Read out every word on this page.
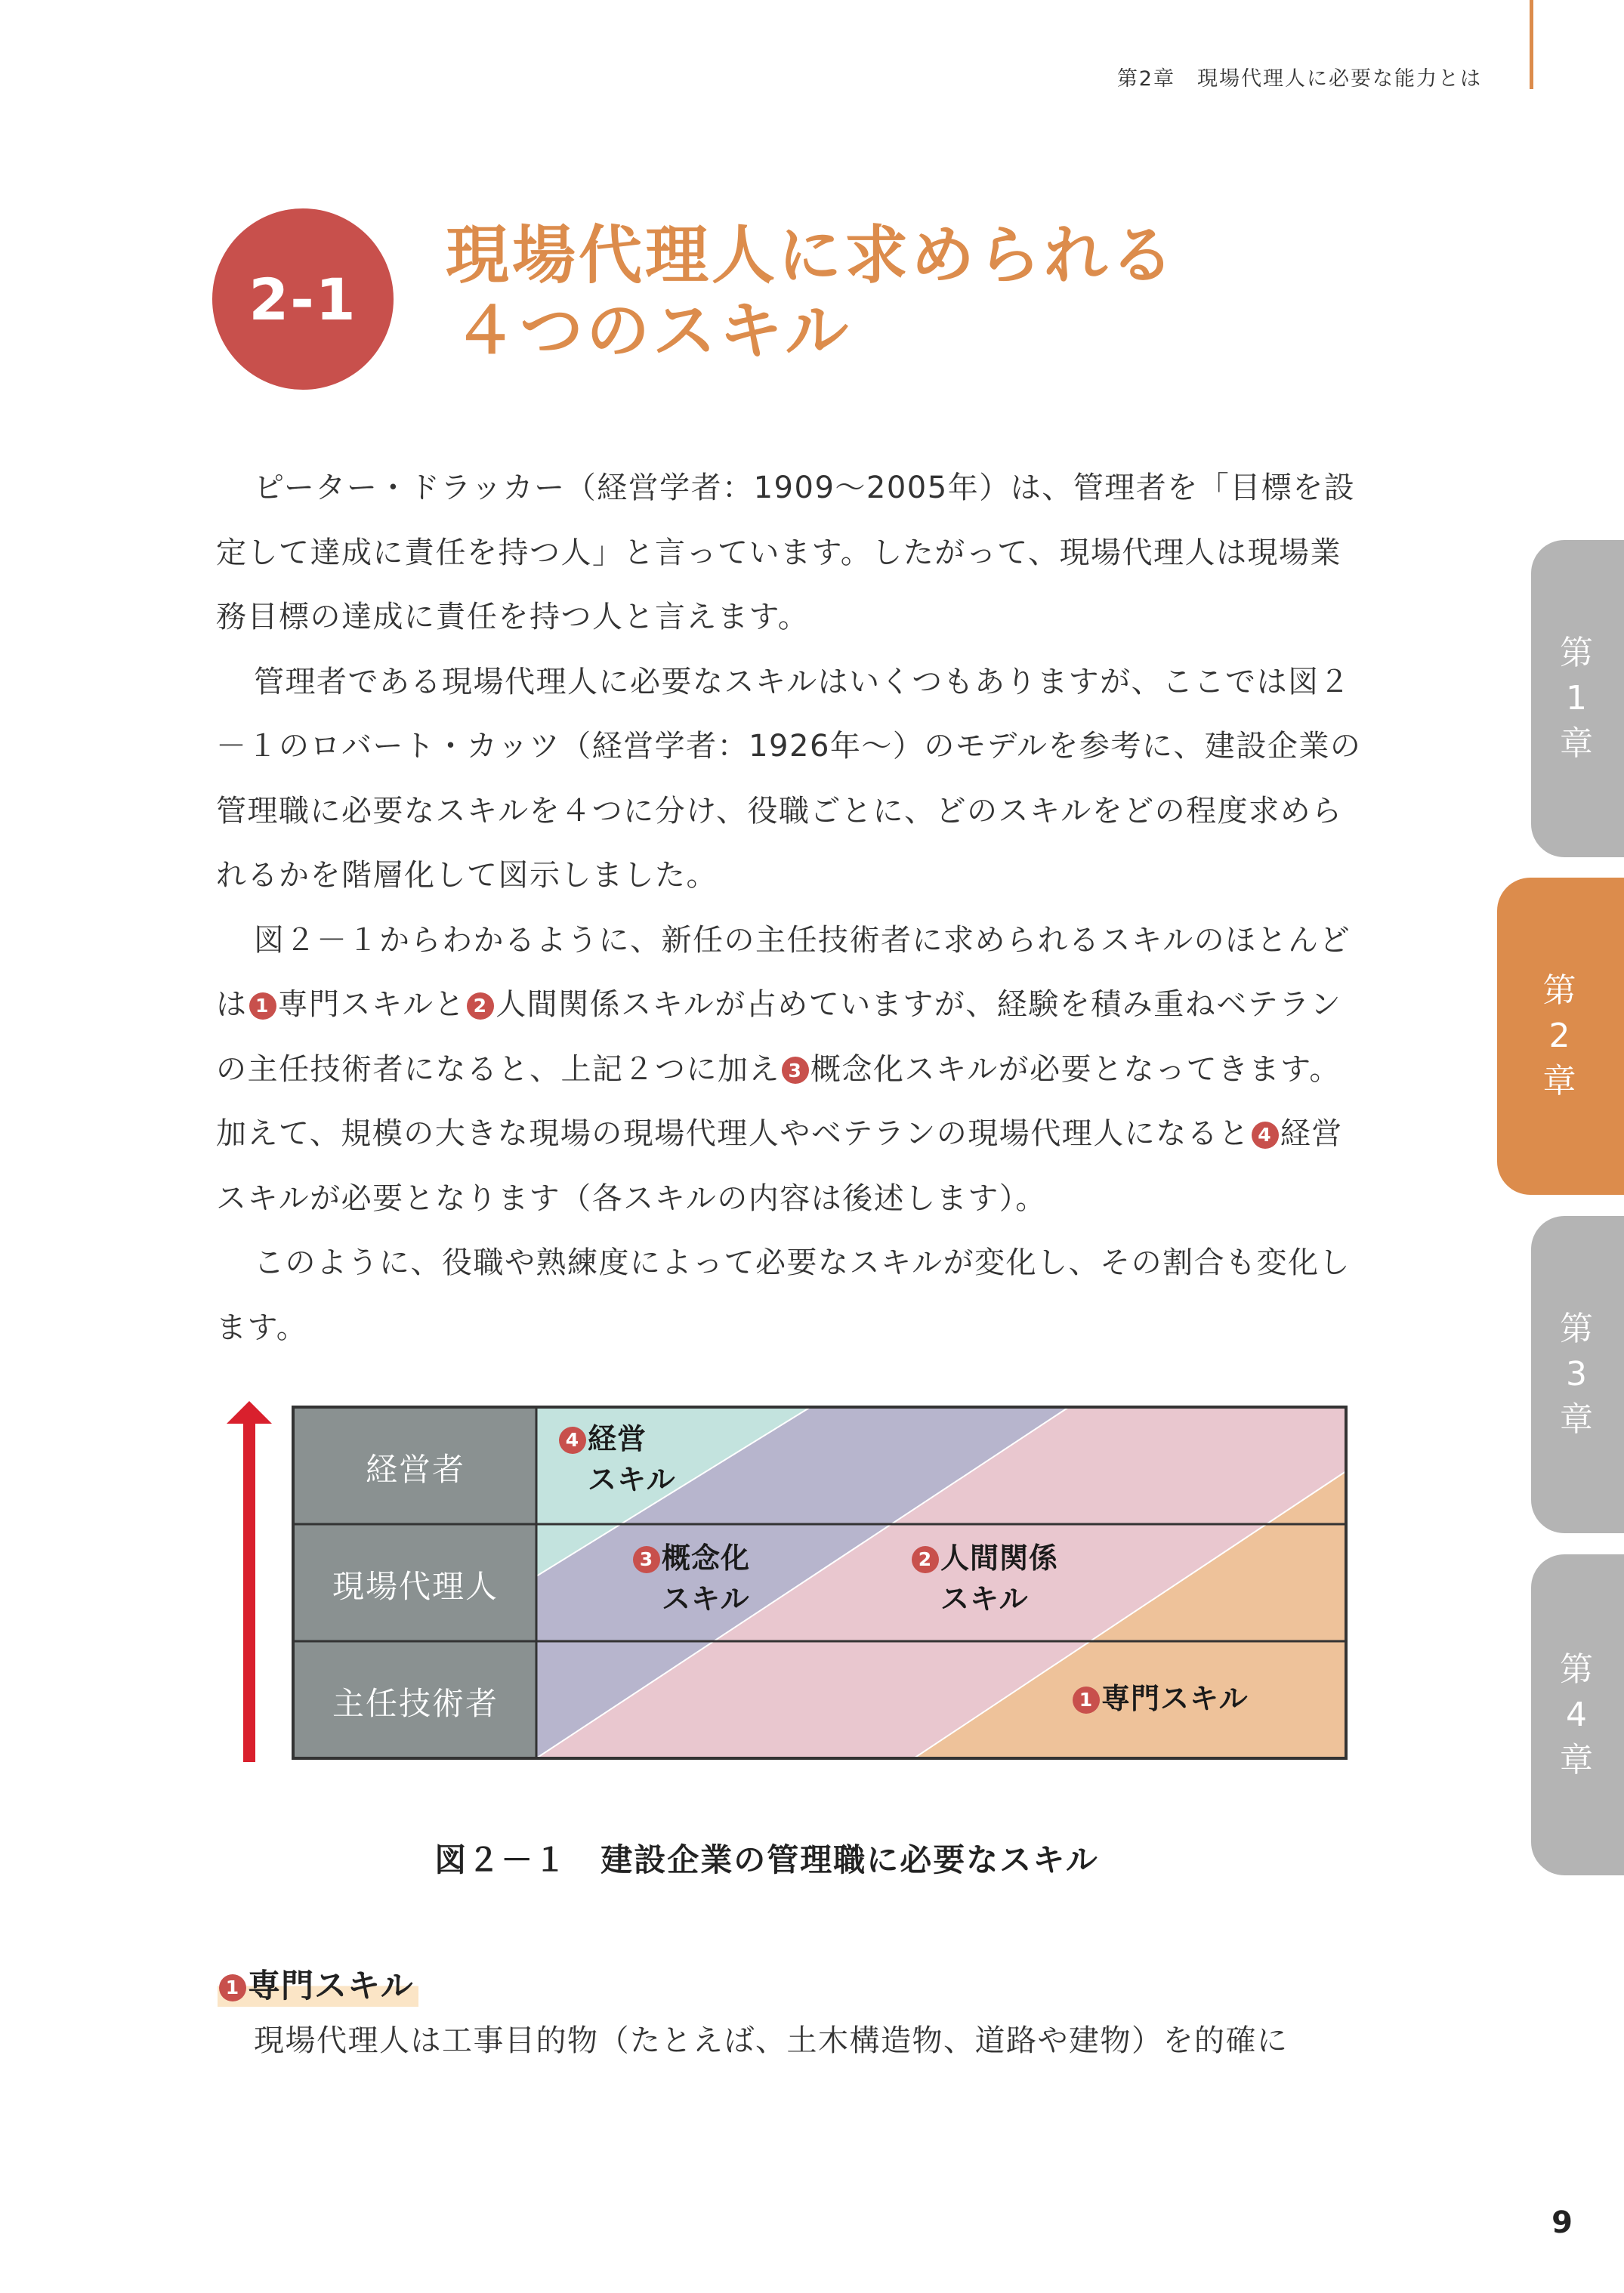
第2章　現場代理人に必要な能力とは
2-1
現場代理人に求められる
４つのスキル

ピーター・ドラッカー（経営学者：1909〜2005年）は、管理者を「目標を設定して達成に責任を持つ人」と言っています。したがって、現場代理人は現場業務目標の達成に責任を持つ人と言えます。

管理者である現場代理人に必要なスキルはいくつもありますが、ここでは図２－１のロバート・カッツ（経営学者：1926年〜）のモデルを参考に、建設企業の管理職に必要なスキルを４つに分け、役職ごとに、どのスキルをどの程度求められるかを階層化して図示しました。

図２－１からわかるように、新任の主任技術者に求められるスキルのほとんどは 1 専門スキルと 2 人間関係スキルが占めていますが、経験を積み重ねベテランの主任技術者になると、上記２つに加え 3 概念化スキルが必要となってきます。加えて、規模の大きな現場の現場代理人やベテランの現場代理人になると 4 経営スキルが必要となります（各スキルの内容は後述します）。

このように、役職や熟練度によって必要なスキルが変化し、その割合も変化します。

第
1
章
第
2
章
第
3
章
第
4
章
経営者
現場代理人
主任技術者
4 経営
スキル
3 概念化
スキル
2 人間関係
スキル
1 専門スキル
図２－１　建設企業の管理職に必要なスキル
1 専門スキル

現場代理人は工事目的物（たとえば、土木構造物、道路や建物）を的確に

9
